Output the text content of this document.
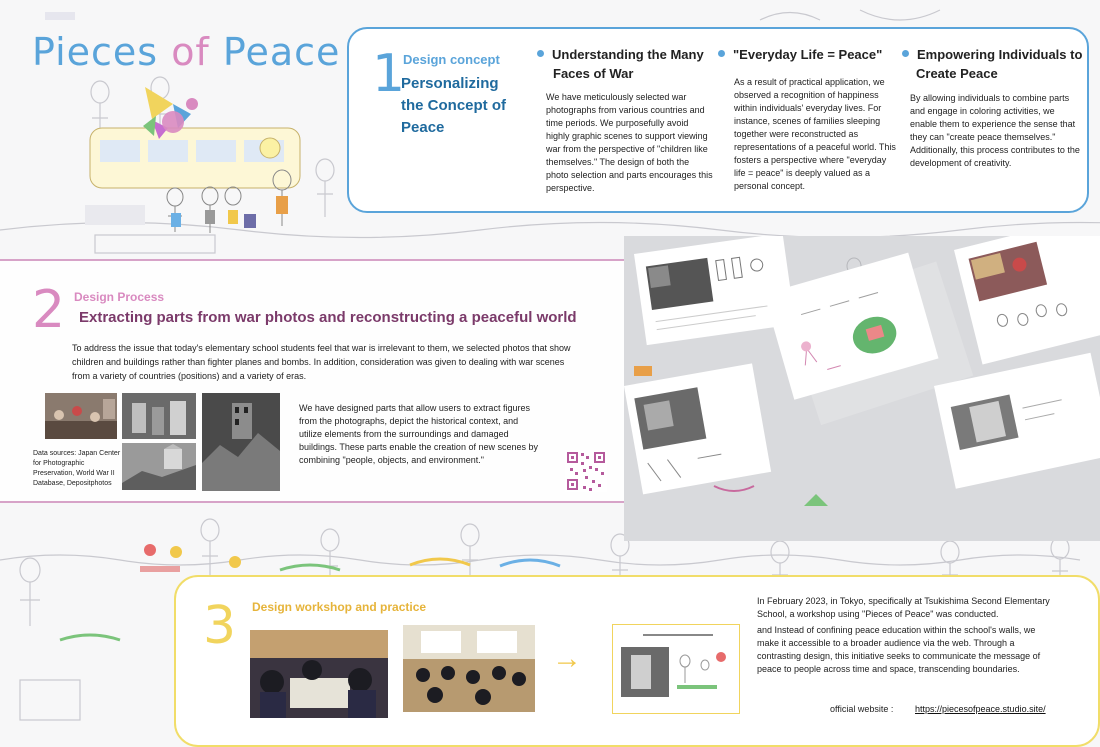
Pieces of Peace 1
Design concept
Personalizing the Concept of Peace
Understanding the Many Faces of War
We have meticulously selected war photographs from various countries and time periods. We purposefully avoid highly graphic scenes to support viewing war from the perspective of "children like themselves." The design of both the photo selection and parts encourages this perspective.
"Everyday Life = Peace"
As a result of practical application, we observed a recognition of happiness within individuals' everyday lives. For instance, scenes of families sleeping together were reconstructed as representations of a peaceful world. This fosters a perspective where "everyday life = peace" is deeply valued as a personal concept.
Empowering Individuals to Create Peace
By allowing individuals to combine parts and engage in coloring activities, we enable them to experience the sense that they can "create peace themselves." Additionally, this process contributes to the development of creativity.
2 Design Process
Extracting parts from war photos and reconstructing a peaceful world
To address the issue that today's elementary school students feel that war is irrelevant to them, we selected photos that show children and buildings rather than fighter planes and bombs. In addition, consideration was given to dealing with war scenes from a variety of countries (positions) and a variety of eras.
Data sources: Japan Center for Photographic Preservation, World War II Database, Depositphotos
We have designed parts that allow users to extract figures from the photographs, depict the historical context, and utilize elements from the surroundings and damaged buildings. These parts enable the creation of new scenes by combining "people, objects, and environment."
3 Design workshop and practice
→
In February 2023, in Tokyo, specifically at Tsukishima Second Elementary School, a workshop using "Pieces of Peace" was conducted.
and Instead of confining peace education within the school's walls, we make it accessible to a broader audience via the web. Through a contrasting design, this initiative seeks to communicate the message of peace to people across time and space, transcending boundaries.
official website : https://piecesofpeace.studio.site/
